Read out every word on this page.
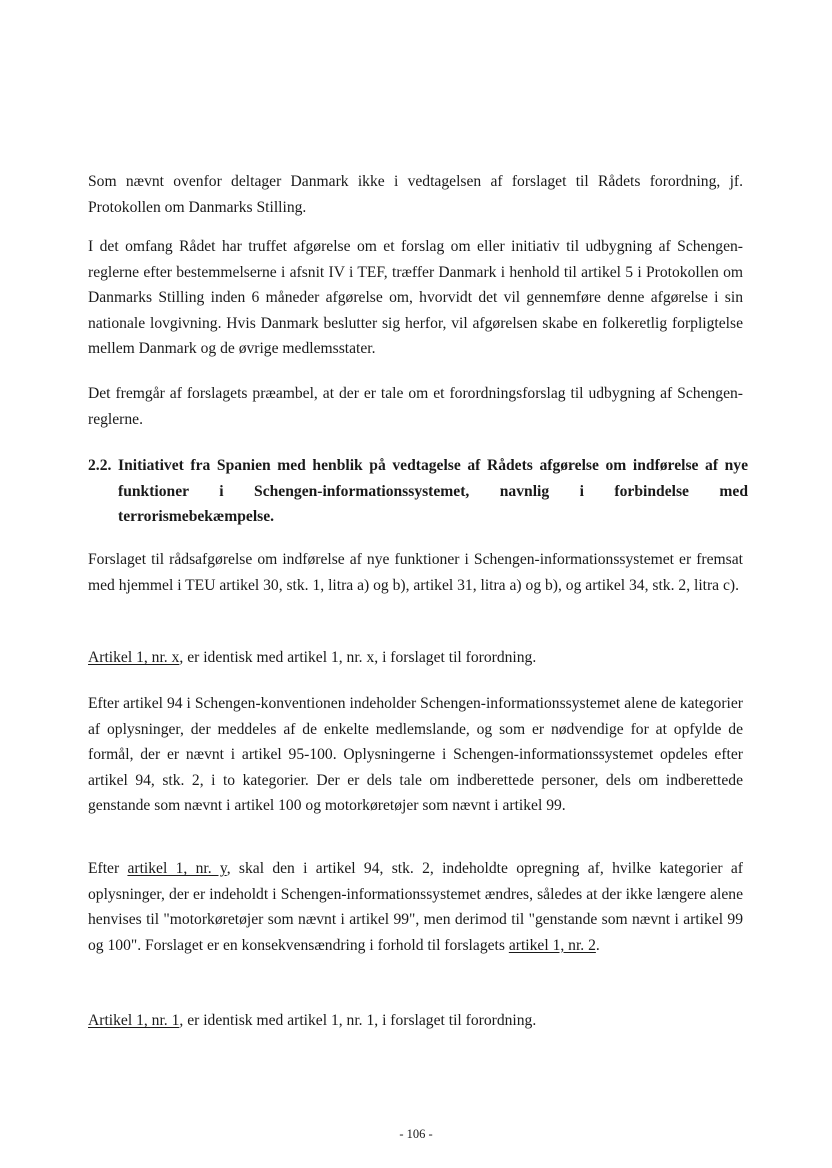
Som nævnt ovenfor deltager Danmark ikke i vedtagelsen af forslaget til Rådets forordning, jf. Protokollen om Danmarks Stilling.

I det omfang Rådet har truffet afgørelse om et forslag om eller initiativ til udbygning af Schengen-reglerne efter bestemmelserne i afsnit IV i TEF, træffer Danmark i henhold til artikel 5 i Protokollen om Danmarks Stilling inden 6 måneder afgørelse om, hvorvidt det vil gennemføre denne afgørelse i sin nationale lovgivning. Hvis Danmark beslutter sig herfor, vil afgørelsen skabe en folkeretlig forpligtelse mellem Danmark og de øvrige medlemsstater.

Det fremgår af forslagets præambel, at der er tale om et forordningsforslag til udbygning af Schengen-reglerne.

2.2. Initiativet fra Spanien med henblik på vedtagelse af Rådets afgørelse om indførelse af nye funktioner i Schengen-informationssystemet, navnlig i forbindelse med terrorismebekæmpelse.

Forslaget til rådsafgørelse om indførelse af nye funktioner i Schengen-informationssystemet er fremsat med hjemmel i TEU artikel 30, stk. 1, litra a) og b), artikel 31, litra a) og b), og artikel 34, stk. 2, litra c).

Artikel 1, nr. x, er identisk med artikel 1, nr. x, i forslaget til forordning.

Efter artikel 94 i Schengen-konventionen indeholder Schengen-informationssystemet alene de kategorier af oplysninger, der meddeles af de enkelte medlemslande, og som er nødvendige for at opfylde de formål, der er nævnt i artikel 95-100. Oplysningerne i Schengen-informationssystemet opdeles efter artikel 94, stk. 2, i to kategorier. Der er dels tale om indberettede personer, dels om indberettede genstande som nævnt i artikel 100 og motorkøretøjer som nævnt i artikel 99.

Efter artikel 1, nr. y, skal den i artikel 94, stk. 2, indeholdte opregning af, hvilke kategorier af oplysninger, der er indeholdt i Schengen-informationssystemet ændres, således at der ikke længere alene henvises til "motorkøretøjer som nævnt i artikel 99", men derimod til "genstande som nævnt i artikel 99 og 100". Forslaget er en konsekvensændring i forhold til forslagets artikel 1, nr. 2.

Artikel 1, nr. 1, er identisk med artikel 1, nr. 1, i forslaget til forordning.

- 106 -
